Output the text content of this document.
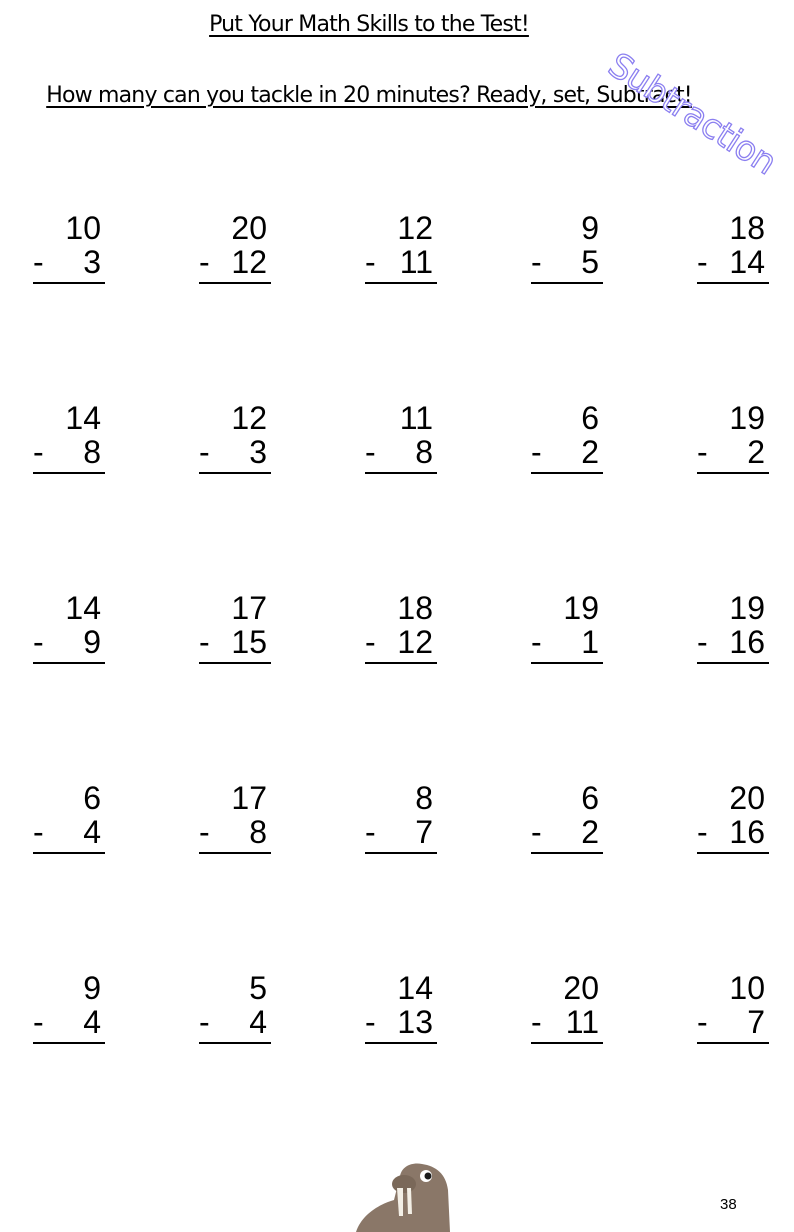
Put Your Math Skills to the Test!
How many can you tackle in 20 minutes? Ready, set, Subtract!
Subtraction
10
- 3
20
- 12
12
- 11
9
- 5
18
- 14
14
- 8
12
- 3
11
- 8
6
- 2
19
- 2
14
- 9
17
- 15
18
- 12
19
- 1
19
- 16
6
- 4
17
- 8
8
- 7
6
- 2
20
- 16
9
- 4
5
- 4
14
- 13
20
- 11
10
- 7
38
